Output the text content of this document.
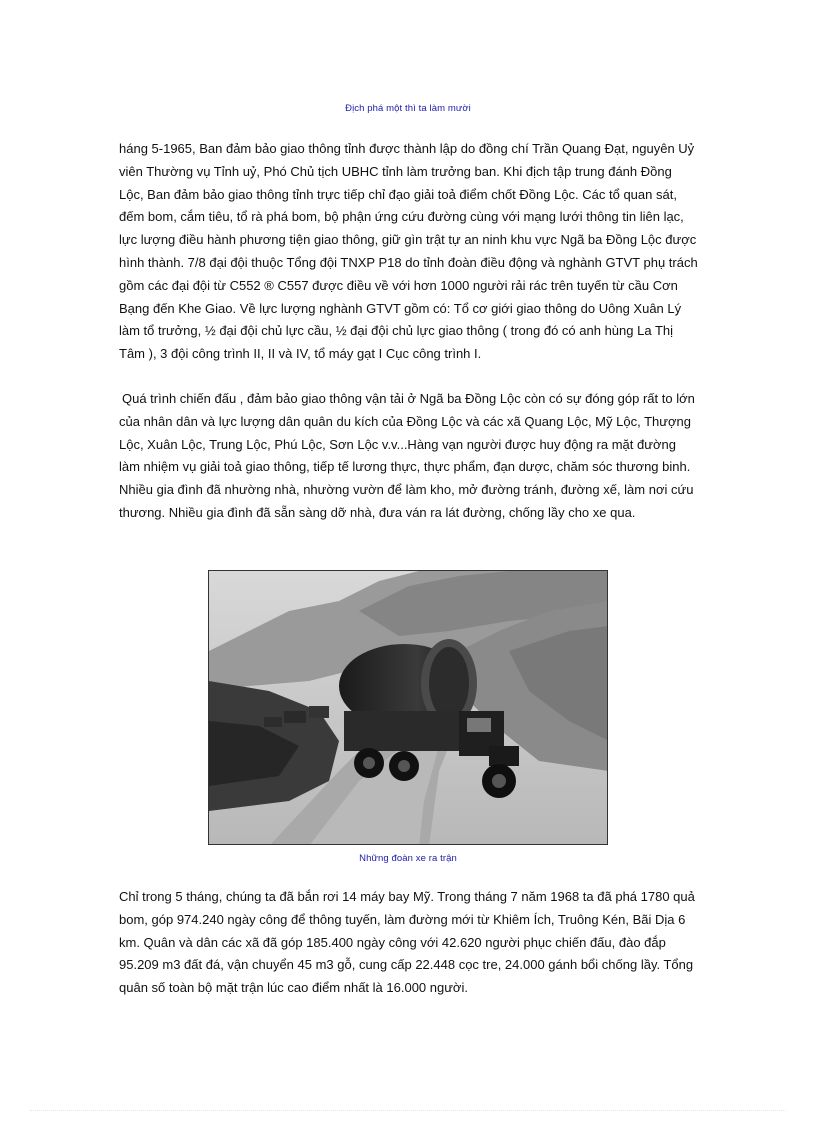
Địch phá một thì ta làm mười

háng 5-1965, Ban đảm bảo giao thông tỉnh được thành lập do đồng chí Trần Quang Đạt, nguyên Uỷ viên Thường vụ Tỉnh uỷ, Phó Chủ tịch UBHC tỉnh làm trưởng ban. Khi địch tập trung đánh Đồng Lộc, Ban đảm bảo giao thông tỉnh trực tiếp chỉ đạo giải toả điểm chốt Đồng Lộc. Các tổ quan sát, đếm bom, cắm tiêu, tổ rà phá bom, bộ phận ứng cứu đường cùng với mạng lưới thông tin liên lạc, lực lượng điều hành phương tiện giao thông, giữ gìn trật tự an ninh khu vực Ngã ba Đồng Lộc được hình thành. 7/8 đại đội thuộc Tổng đội TNXP P18 do tỉnh đoàn điều động và nghành GTVT phụ trách gồm các đại đội từ C552 ® C557 được điều về với hơn 1000 người rải rác trên tuyến từ cầu Cơn Bạng đến Khe Giao. Về lực lượng nghành GTVT gồm có: Tổ cơ giới giao thông do Uông Xuân Lý làm tổ trưởng, ½ đại đội chủ lực cầu, ½ đại đội chủ lực giao thông ( trong đó có anh hùng La Thị Tâm ), 3 đội công trình II, II và IV, tổ máy gạt I Cục công trình I.

Quá trình chiến đấu , đảm bảo giao thông vận tải ở Ngã ba Đồng Lộc còn có sự đóng góp rất to lớn của nhân dân và lực lượng dân quân du kích của Đồng Lộc và các xã Quang Lộc, Mỹ Lộc, Thượng Lộc, Xuân Lộc, Trung Lộc, Phú Lộc, Sơn Lộc v.v...Hàng vạn người được huy động ra mặt đường làm nhiệm vụ giải toả giao thông, tiếp tế lương thực, thực phẩm, đạn dược, chăm sóc thương binh. Nhiều gia đình đã nhường nhà, nhường vườn để làm kho, mở đường tránh, đường xế, làm nơi cứu thương. Nhiều gia đình đã sẵn sàng dỡ nhà, đưa ván ra lát đường, chống lầy cho xe qua.

Những đoàn xe ra trận

Chỉ trong 5 tháng, chúng ta đã bắn rơi 14 máy bay Mỹ. Trong tháng 7 năm 1968 ta đã phá 1780 quả bom, góp 974.240 ngày công để thông tuyến, làm đường mới từ Khiêm Ích, Truông Kén, Bãi Dịa 6 km. Quân và dân các xã đã góp 185.400 ngày công với 42.620 người phục chiến đấu, đào đắp 95.209 m3 đất đá, vận chuyển 45 m3 gỗ, cung cấp 22.448 cọc tre, 24.000 gánh bổi chống lầy. Tổng quân số toàn bộ mặt trận lúc cao điểm nhất là 16.000 người.
